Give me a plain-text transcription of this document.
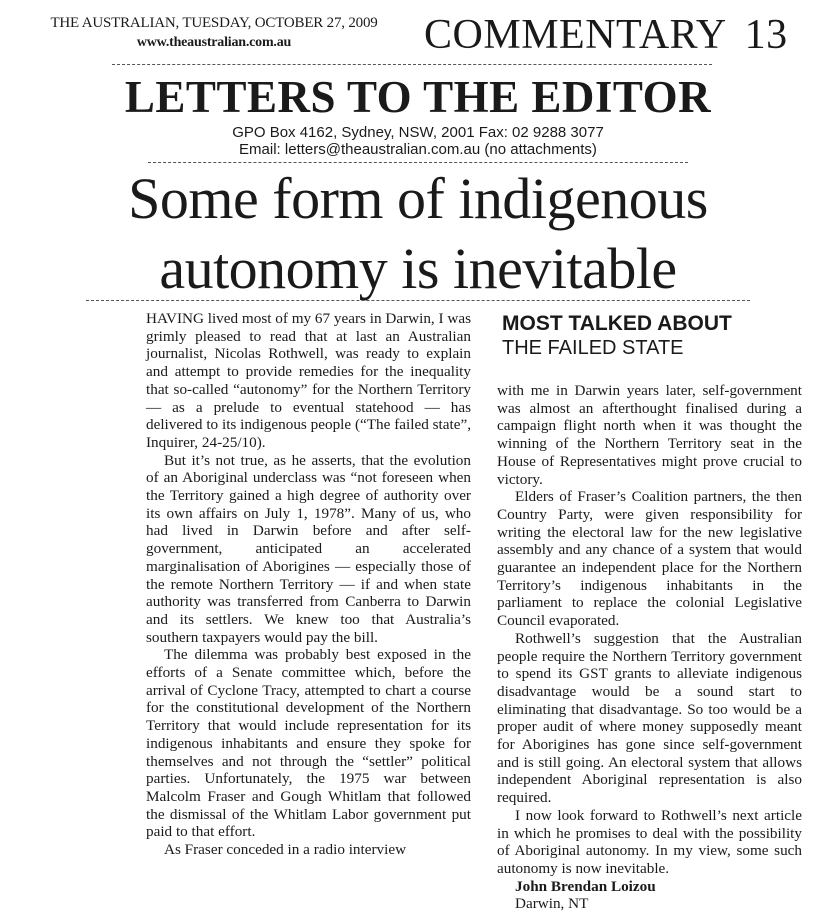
THE AUSTRALIAN, TUESDAY, OCTOBER 27, 2009
www.theaustralian.com.au	COMMENTARY 13
LETTERS TO THE EDITOR
GPO Box 4162, Sydney, NSW, 2001 Fax: 02 9288 3077
Email: letters@theaustralian.com.au (no attachments)
Some form of indigenous
autonomy is inevitable

HAVING lived most of my 67 years in Darwin, I was grimly pleased to read that at last an Australian journalist, Nicolas Rothwell, was ready to explain and attempt to provide remedies for the inequality that so-called “autonomy” for the Northern Territory — as a prelude to eventual statehood — has delivered to its indigenous people (“The failed state”, Inquirer, 24-25/10).

But it’s not true, as he asserts, that the evolution of an Aboriginal underclass was “not foreseen when the Territory gained a high degree of authority over its own affairs on July 1, 1978”. Many of us, who had lived in Darwin before and after self-government, anticipated an accelerated marginalisation of Aborigines — especially those of the remote Northern Territory — if and when state authority was transferred from Canberra to Darwin and its settlers. We knew too that Australia’s southern taxpayers would pay the bill.

The dilemma was probably best exposed in the efforts of a Senate committee which, before the arrival of Cyclone Tracy, attempted to chart a course for the constitutional development of the Northern Territory that would include representation for its indigenous inhabitants and ensure they spoke for themselves and not through the “settler” political parties. Unfortunately, the 1975 war between Malcolm Fraser and Gough Whitlam that followed the dismissal of the Whitlam Labor government put paid to that effort.

As Fraser conceded in a radio interview

MOST TALKED ABOUT
THE FAILED STATE

with me in Darwin years later, self-government was almost an afterthought finalised during a campaign flight north when it was thought the winning of the Northern Territory seat in the House of Representatives might prove crucial to victory.

Elders of Fraser’s Coalition partners, the then Country Party, were given responsibility for writing the electoral law for the new legislative assembly and any chance of a system that would guarantee an independent place for the Northern Territory’s indigenous inhabitants in the parliament to replace the colonial Legislative Council evaporated.

Rothwell’s suggestion that the Australian people require the Northern Territory government to spend its GST grants to alleviate indigenous disadvantage would be a sound start to eliminating that disadvantage. So too would be a proper audit of where money supposedly meant for Aborigines has gone since self-government and is still going. An electoral system that allows independent Aboriginal representation is also required.

I now look forward to Rothwell’s next article in which he promises to deal with the possibility of Aboriginal autonomy. In my view, some such autonomy is now inevitable.

John Brendan Loizou

Darwin, NT
